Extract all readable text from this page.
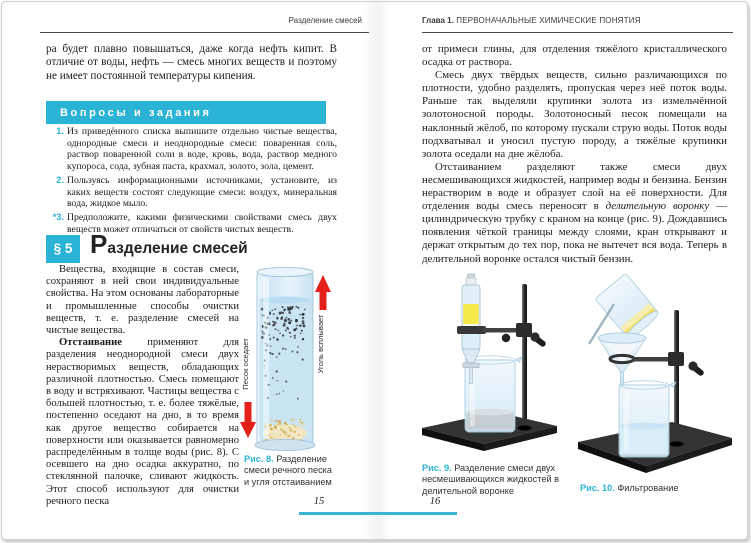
Разделение смесей
ра будет плавно повышаться, даже когда нефть кипит. В отличие от воды, нефть — смесь многих веществ и поэтому не имеет постоянной температуры кипения.
Вопросы и задания
1. Из приведённого списка выпишите отдельно чистые вещества, однородные смеси и неоднородные смеси: поваренная соль, раствор поваренной соли в воде, кровь, вода, раствор медного купороса, сода, зубная паста, крахмал, золото, зола, цемент.
2. Пользуясь информационными источниками, установите, из каких веществ состоят следующие смеси: воздух, минеральная вода, жидкое мыло.
*3. Предположите, какими физическими свойствами смесь двух веществ может отличаться от свойств чистых веществ.
§ 5 Разделение смесей

Вещества, входящие в состав смеси, сохраняют в ней свои индивидуальные свойства. На этом основаны лабораторные и промышленные способы очистки веществ, т. е. разделение смесей на чистые вещества.

Отстаивание применяют для разделения неоднородной смеси двух нерастворимых веществ, обладающих различной плотностью. Смесь помещают в воду и встряхивают. Частицы вещества с большей плотностью, т. е. более тяжёлые, постепенно оседают на дно, в то время как другое вещество собирается на поверхности или оказывается равномерно распределённым в толще воды (рис. 8). С осевшего на дно осадка аккуратно, по стеклянной палочке, сливают жидкость. Этот способ используют для очистки речного песка

Песок оседает	Уголь всплывает
Рис. 8. Разделение смеси речного песка и угля отстаиванием
15
Глава 1. ПЕРВОНАЧАЛЬНЫЕ ХИМИЧЕСКИЕ ПОНЯТИЯ

от примеси глины, для отделения тяжёлого кристаллического осадка от раствора.

Смесь двух твёрдых веществ, сильно различающихся по плотности, удобно разделять, пропуская через неё поток воды. Раньше так выделяли крупинки золота из измельчённой золотоносной породы. Золотоносный песок помещали на наклонный жёлоб, по которому пускали струю воды. Поток воды подхватывал и уносил пустую породу, а тяжёлые крупинки золота оседали на дне жёлоба.

Отстаиванием разделяют также смеси двух несмешивающихся жидкостей, например воды и бензина. Бензин нерастворим в воде и образует слой на её поверхности. Для отделения воды смесь переносят в делительную воронку — цилиндрическую трубку с краном на конце (рис. 9). Дождавшись появления чёткой границы между слоями, кран открывают и держат открытым до тех пор, пока не вытечет вся вода. Теперь в делительной воронке остался чистый бензин.

Рис. 9. Разделение смеси двух несмешивающихся жидкостей в делительной воронке	Рис. 10. Фильтрование
16
